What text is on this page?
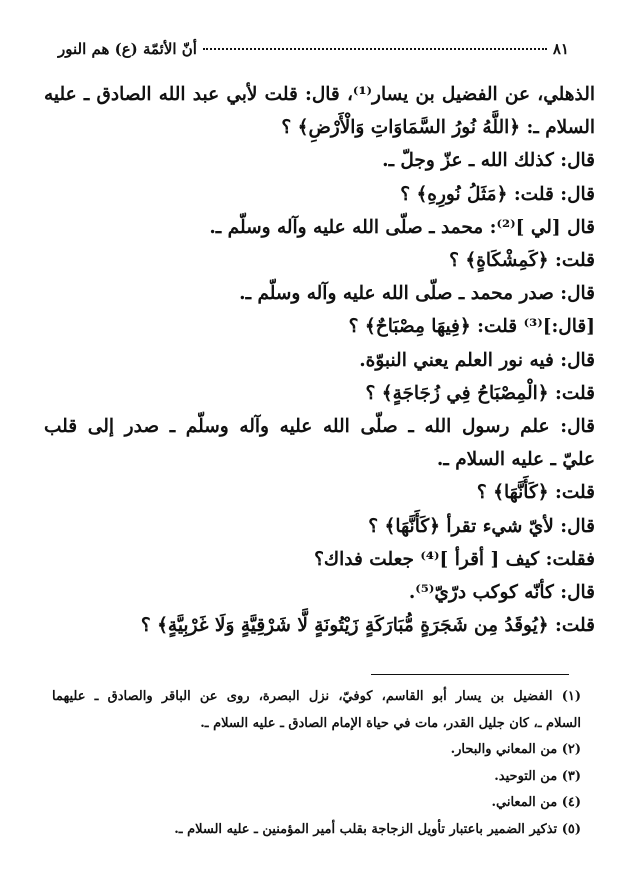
أنّ الأئمّة (ع) هم النور	٨١
الذهلي، عن الفضيل بن يسار⁽¹⁾، قال: قلت لأبي عبد الله الصادق ـ عليه
السلام ـ: ﴿اللَّهُ نُورُ السَّمَاوَاتِ وَالْأَرْضِ﴾ ؟
قال: كذلك الله ـ عزّ وجلّ ـ.
قال: قلت: ﴿مَثَلُ نُورِهِ﴾ ؟
قال [لي ]⁽²⁾: محمد ـ صلّى الله عليه وآله وسلّم ـ.
قلت: ﴿كَمِشْكَاةٍ﴾ ؟
قال: صدر محمد ـ صلّى الله عليه وآله وسلّم ـ.
[قال:]⁽³⁾ قلت: ﴿فِيهَا مِصْبَاحٌ﴾ ؟
قال: فيه نور العلم يعني النبوّة.
قلت: ﴿الْمِصْبَاحُ فِي زُجَاجَةٍ﴾ ؟
قال: علم رسول الله ـ صلّى الله عليه وآله وسلّم ـ صدر إلى قلب
عليّ ـ عليه السلام ـ.
قلت: ﴿كَأَنَّهَا﴾ ؟
قال: لأيّ شيء تقرأ ﴿كَأَنَّهَا﴾ ؟
فقلت: كيف [ أقرأ ]⁽⁴⁾ جعلت فداك؟
قال: كأنّه كوكب درّيّ⁽⁵⁾.
قلت: ﴿يُوقَدُ مِن شَجَرَةٍ مُّبَارَكَةٍ زَيْتُونَةٍ لَّا شَرْقِيَّةٍ وَلَا غَرْبِيَّةٍ﴾ ؟
(١) الفضيل بن يسار أبو القاسم، كوفيّ، نزل البصرة، روى عن الباقر والصادق ـ عليهما
السلام ـ، كان جليل القدر، مات في حياة الإمام الصادق ـ عليه السلام ـ.
(٢) من المعاني والبحار.
(٣) من التوحيد.
(٤) من المعاني.
(٥) تذكير الضمير باعتبار تأويل الزجاجة بقلب أمير المؤمنين ـ عليه السلام ـ.
